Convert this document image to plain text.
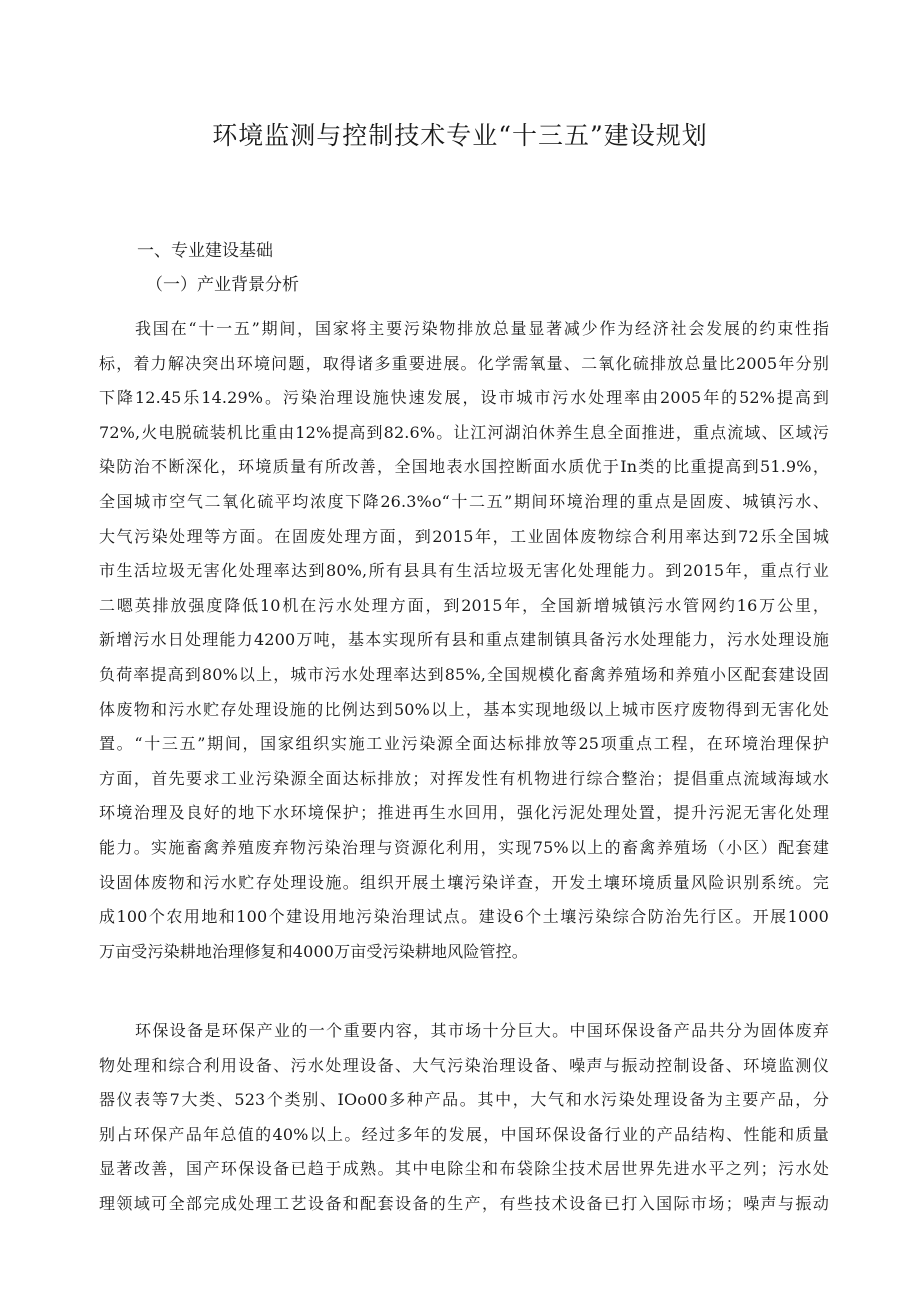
环境监测与控制技术专业“十三五”建设规划
一、专业建设基础
（一）产业背景分析
我国在“十一五”期间，国家将主要污染物排放总量显著减少作为经济社会发展的约束性指
标，着力解决突出环境问题，取得诸多重要进展。化学需氧量、二氧化硫排放总量比2005年分别
下降12.45乐14.29%。污染治理设施快速发展，设市城市污水处理率由2005年的52%提高到
72%,火电脱硫装机比重由12%提高到82.6%。让江河湖泊休养生息全面推进，重点流域、区域污
染防治不断深化，环境质量有所改善，全国地表水国控断面水质优于In类的比重提高到51.9%，
全国城市空气二氧化硫平均浓度下降26.3%o“十二五”期间环境治理的重点是固废、城镇污水、
大气污染处理等方面。在固废处理方面，到2015年，工业固体废物综合利用率达到72乐全国城
市生活垃圾无害化处理率达到80%,所有县具有生活垃圾无害化处理能力。到2015年，重点行业
二嗯英排放强度降低10机在污水处理方面，到2015年，全国新增城镇污水管网约16万公里，
新增污水日处理能力4200万吨，基本实现所有县和重点建制镇具备污水处理能力，污水处理设施
负荷率提高到80%以上，城市污水处理率达到85%,全国规模化畜禽养殖场和养殖小区配套建设固
体废物和污水贮存处理设施的比例达到50%以上，基本实现地级以上城市医疗废物得到无害化处
置。“十三五”期间，国家组织实施工业污染源全面达标排放等25项重点工程，在环境治理保护
方面，首先要求工业污染源全面达标排放；对挥发性有机物进行综合整治；提倡重点流域海域水
环境治理及良好的地下水环境保护；推进再生水回用，强化污泥处理处置，提升污泥无害化处理
能力。实施畜禽养殖废弃物污染治理与资源化利用，实现75%以上的畜禽养殖场（小区）配套建
设固体废物和污水贮存处理设施。组织开展土壤污染详查，开发土壤环境质量风险识别系统。完
成100个农用地和100个建设用地污染治理试点。建设6个土壤污染综合防治先行区。开展1000
万亩受污染耕地治理修复和4000万亩受污染耕地风险管控。
环保设备是环保产业的一个重要内容，其市场十分巨大。中国环保设备产品共分为固体废弃
物处理和综合利用设备、污水处理设备、大气污染治理设备、噪声与振动控制设备、环境监测仪
器仪表等7大类、523个类别、IOo00多种产品。其中，大气和水污染处理设备为主要产品，分
别占环保产品年总值的40%以上。经过多年的发展，中国环保设备行业的产品结构、性能和质量
显著改善，国产环保设备已趋于成熟。其中电除尘和布袋除尘技术居世界先进水平之列；污水处
理领域可全部完成处理工艺设备和配套设备的生产，有些技术设备已打入国际市场；噪声与振动
